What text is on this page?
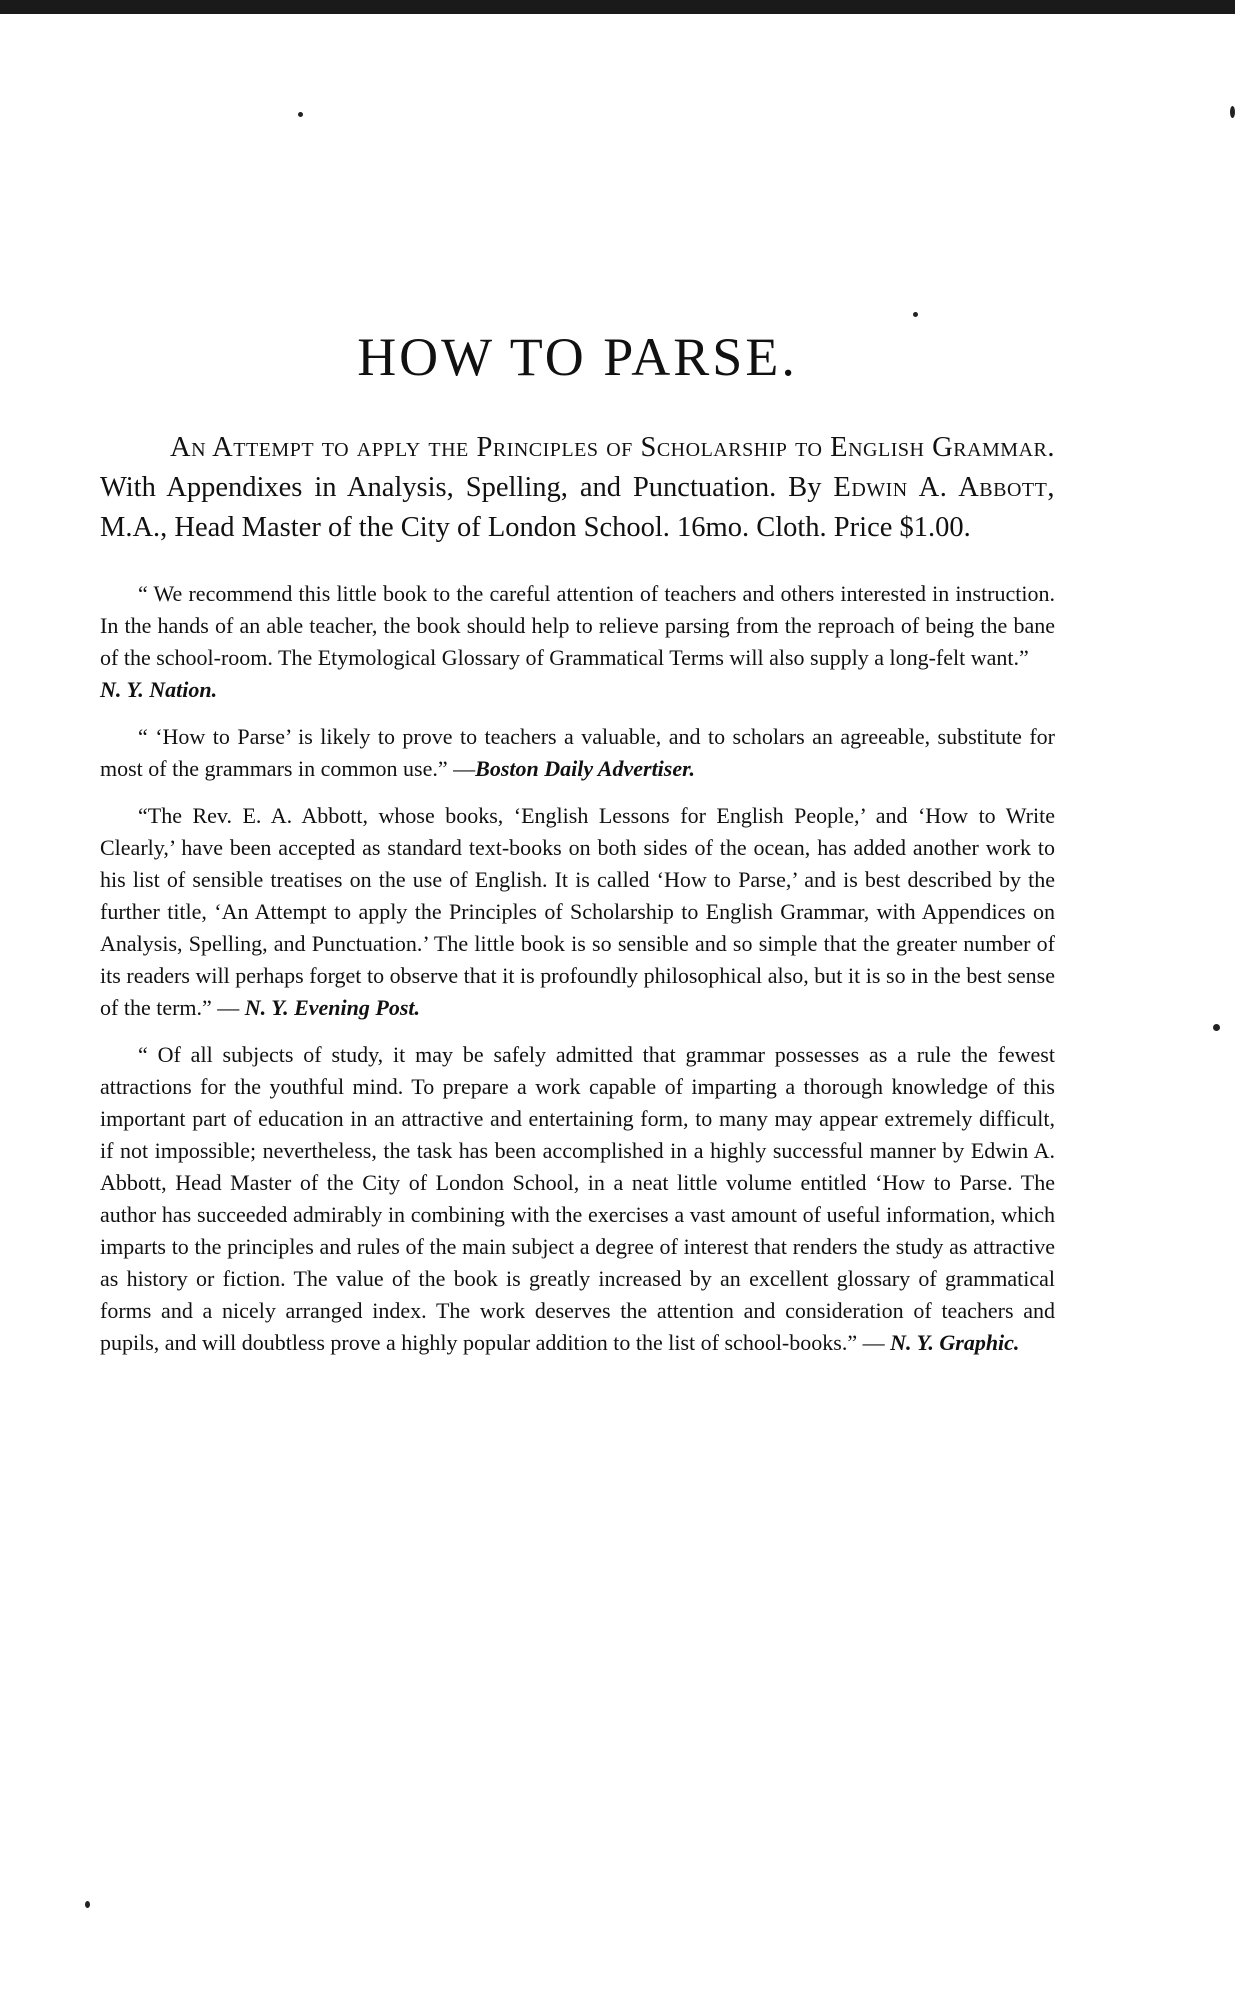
HOW TO PARSE.

An Attempt to apply the Principles of Scholarship to English Grammar. With Appendixes in Analysis, Spelling, and Punctuation. By Edwin A. Abbott, M.A., Head Master of the City of London School. 16mo. Cloth. Price $1.00.

“ We recommend this little book to the careful attention of teachers and others interested in instruction. In the hands of an able teacher, the book should help to relieve parsing from the reproach of being the bane of the school-room. The Etymological Glossary of Grammatical Terms will also supply a long-felt want.”
N. Y. Nation.

“ ‘How to Parse’ is likely to prove to teachers a valuable, and to scholars an agreeable, substitute for most of the grammars in common use.” —Boston Daily Advertiser.

“The Rev. E. A. Abbott, whose books, ‘English Lessons for English People,’ and ‘How to Write Clearly,’ have been accepted as standard text-books on both sides of the ocean, has added another work to his list of sensible treatises on the use of English. It is called ‘How to Parse,’ and is best described by the further title, ‘An Attempt to apply the Principles of Scholarship to English Grammar, with Appendices on Analysis, Spelling, and Punctuation.’ The little book is so sensible and so simple that the greater number of its readers will perhaps forget to observe that it is profoundly philosophical also, but it is so in the best sense of the term.” — N. Y. Evening Post.

“ Of all subjects of study, it may be safely admitted that grammar possesses as a rule the fewest attractions for the youthful mind. To prepare a work capable of imparting a thorough knowledge of this important part of education in an attractive and entertaining form, to many may appear extremely difficult, if not impossible; nevertheless, the task has been accomplished in a highly successful manner by Edwin A. Abbott, Head Master of the City of London School, in a neat little volume entitled ‘How to Parse. The author has succeeded admirably in combining with the exercises a vast amount of useful information, which imparts to the principles and rules of the main subject a degree of interest that renders the study as attractive as history or fiction. The value of the book is greatly increased by an excellent glossary of grammatical forms and a nicely arranged index. The work deserves the attention and consideration of teachers and pupils, and will doubtless prove a highly popular addition to the list of school-books.” — N. Y. Graphic.
